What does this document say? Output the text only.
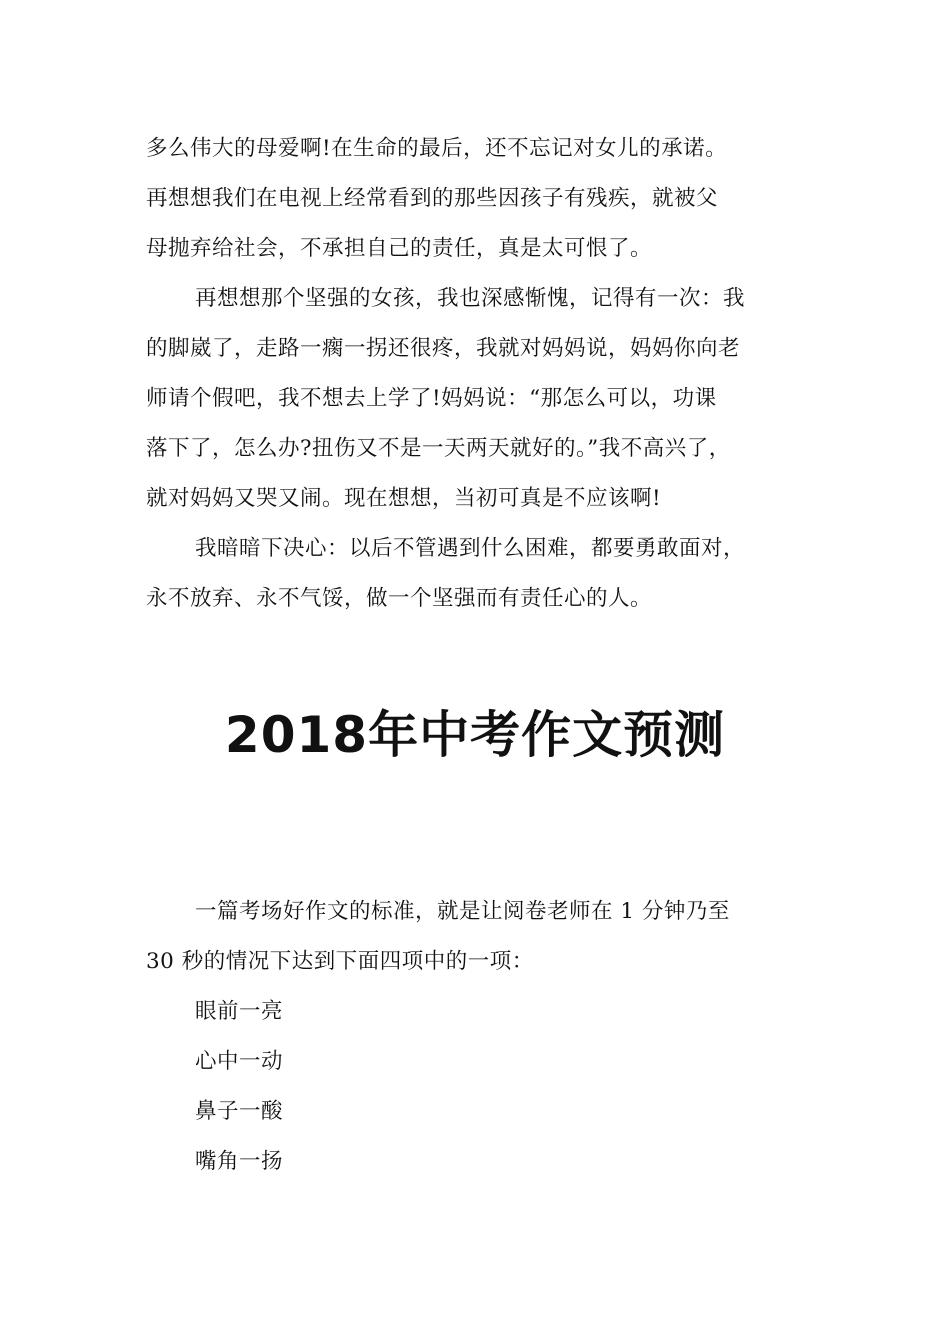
多么伟大的母爱啊!在生命的最后，还不忘记对女儿的承诺。
再想想我们在电视上经常看到的那些因孩子有残疾，就被父
母抛弃给社会，不承担自己的责任，真是太可恨了。
再想想那个坚强的女孩，我也深感惭愧，记得有一次：我
的脚崴了，走路一瘸一拐还很疼，我就对妈妈说，妈妈你向老
师请个假吧，我不想去上学了!妈妈说：“那怎么可以，功课
落下了，怎么办?扭伤又不是一天两天就好的。”我不高兴了，
就对妈妈又哭又闹。现在想想，当初可真是不应该啊!
我暗暗下决心：以后不管遇到什么困难，都要勇敢面对，
永不放弃、永不气馁，做一个坚强而有责任心的人。
2018年中考作文预测
一篇考场好作文的标准，就是让阅卷老师在 1 分钟乃至
30 秒的情况下达到下面四项中的一项：
眼前一亮
心中一动
鼻子一酸
嘴角一扬
